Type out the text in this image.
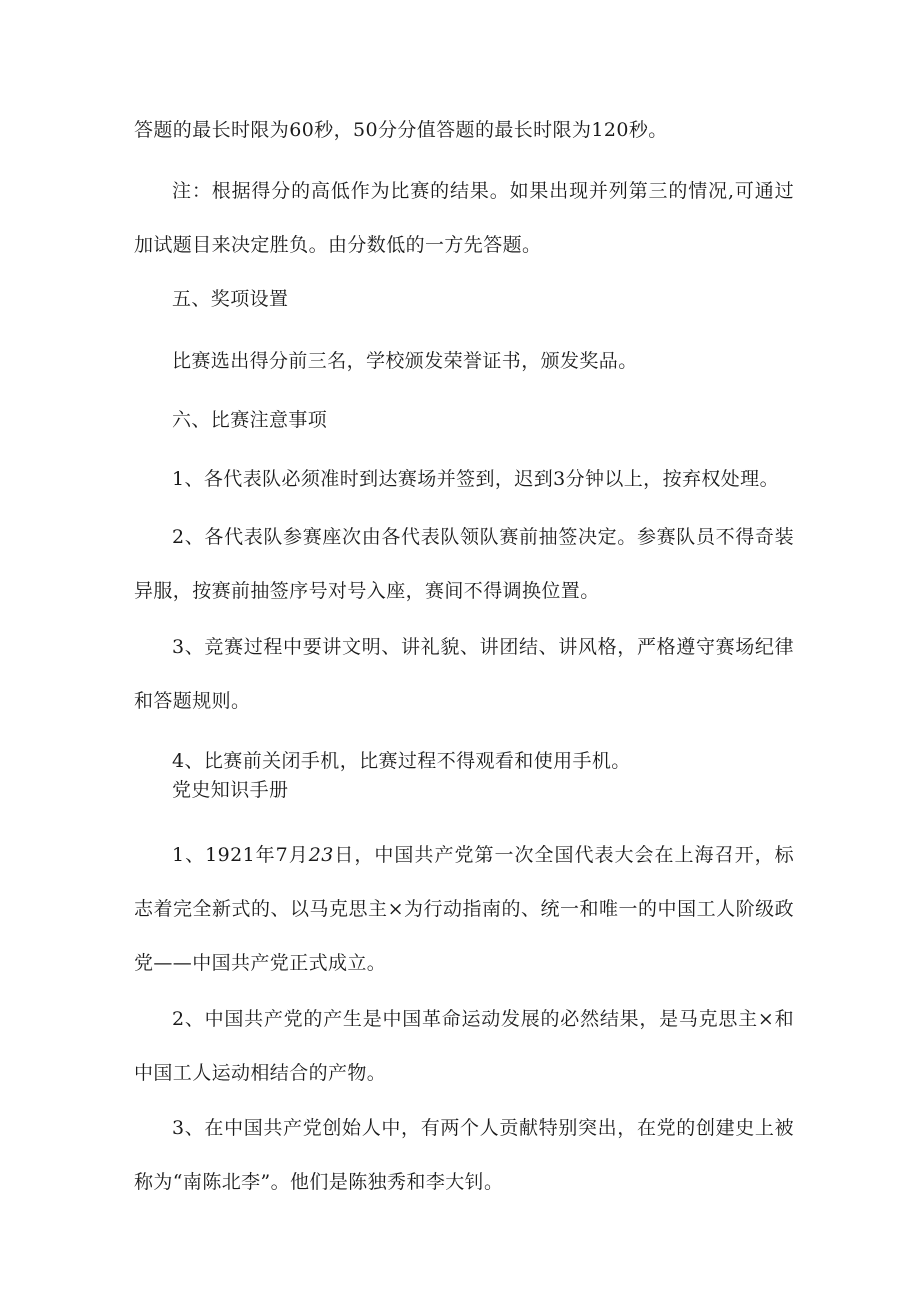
答题的最长时限为60秒，50分分值答题的最长时限为120秒。

注：根据得分的高低作为比赛的结果。如果出现并列第三的情况,可通过加试题目来决定胜负。由分数低的一方先答题。

五、奖项设置

比赛选出得分前三名，学校颁发荣誉证书，颁发奖品。

六、比赛注意事项

1、各代表队必须准时到达赛场并签到，迟到3分钟以上，按弃权处理。

2、各代表队参赛座次由各代表队领队赛前抽签决定。参赛队员不得奇装异服，按赛前抽签序号对号入座，赛间不得调换位置。

3、竞赛过程中要讲文明、讲礼貌、讲团结、讲风格，严格遵守赛场纪律和答题规则。

4、比赛前关闭手机，比赛过程不得观看和使用手机。

党史知识手册

1、1921年7月23日，中国共产党第一次全国代表大会在上海召开，标志着完全新式的、以马克思主×为行动指南的、统一和唯一的中国工人阶级政党——中国共产党正式成立。

2、中国共产党的产生是中国革命运动发展的必然结果，是马克思主×和中国工人运动相结合的产物。

3、在中国共产党创始人中，有两个人贡献特别突出，在党的创建史上被称为“南陈北李”。他们是陈独秀和李大钊。
